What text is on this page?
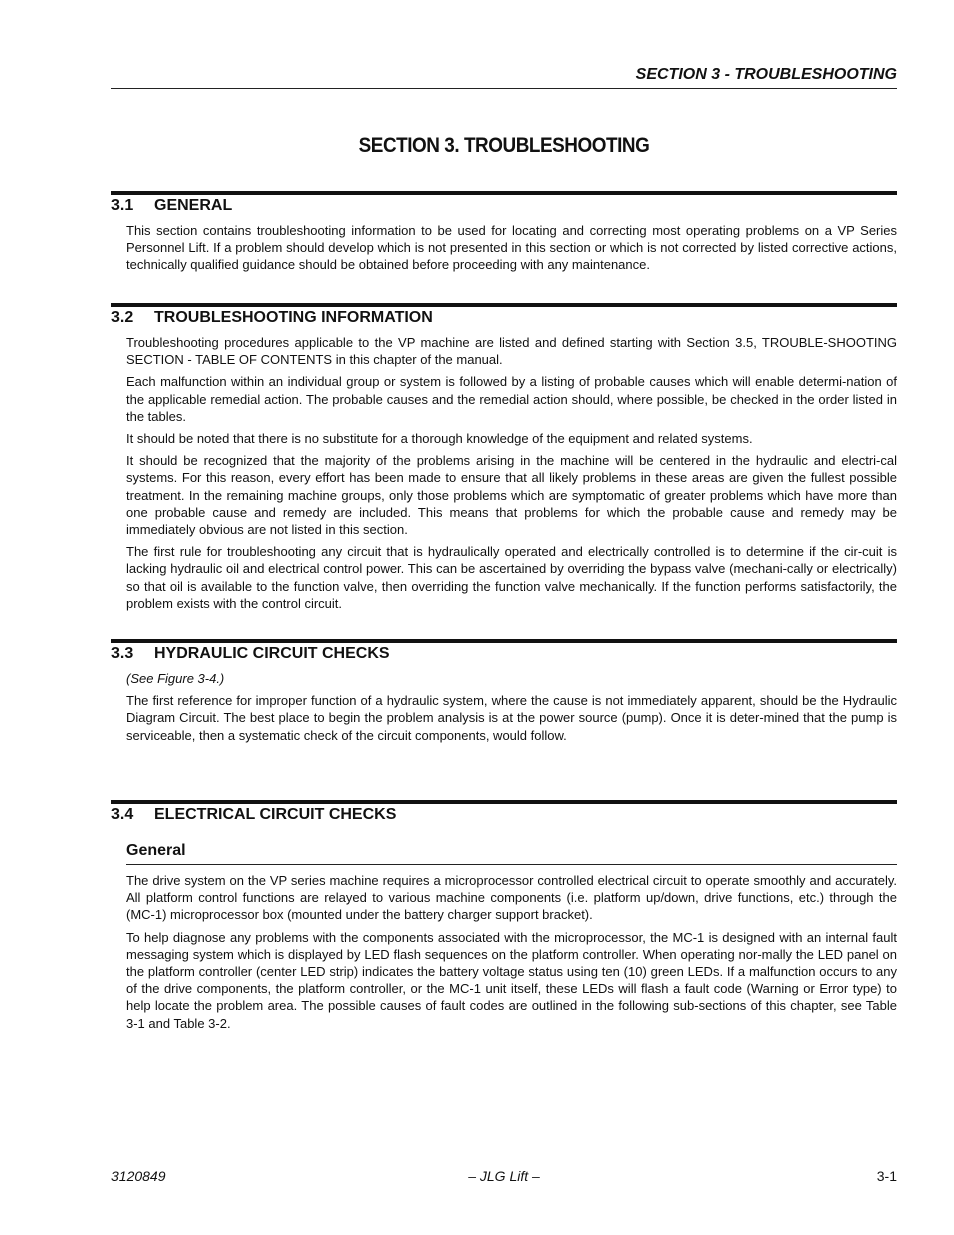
SECTION 3 - TROUBLESHOOTING
SECTION 3. TROUBLESHOOTING
3.1 GENERAL

This section contains troubleshooting information to be used for locating and correcting most operating problems on a VP Series Personnel Lift. If a problem should develop which is not presented in this section or which is not corrected by listed corrective actions, technically qualified guidance should be obtained before proceeding with any maintenance.

3.2 TROUBLESHOOTING INFORMATION

Troubleshooting procedures applicable to the VP machine are listed and defined starting with Section 3.5, TROUBLE-SHOOTING SECTION - TABLE OF CONTENTS in this chapter of the manual.

Each malfunction within an individual group or system is followed by a listing of probable causes which will enable determi-nation of the applicable remedial action. The probable causes and the remedial action should, where possible, be checked in the order listed in the tables.

It should be noted that there is no substitute for a thorough knowledge of the equipment and related systems.

It should be recognized that the majority of the problems arising in the machine will be centered in the hydraulic and electri-cal systems. For this reason, every effort has been made to ensure that all likely problems in these areas are given the fullest possible treatment. In the remaining machine groups, only those problems which are symptomatic of greater problems which have more than one probable cause and remedy are included. This means that problems for which the probable cause and remedy may be immediately obvious are not listed in this section.

The first rule for troubleshooting any circuit that is hydraulically operated and electrically controlled is to determine if the cir-cuit is lacking hydraulic oil and electrical control power. This can be ascertained by overriding the bypass valve (mechani-cally or electrically) so that oil is available to the function valve, then overriding the function valve mechanically. If the function performs satisfactorily, the problem exists with the control circuit.

3.3 HYDRAULIC CIRCUIT CHECKS

(See Figure 3-4.)

The first reference for improper function of a hydraulic system, where the cause is not immediately apparent, should be the Hydraulic Diagram Circuit. The best place to begin the problem analysis is at the power source (pump). Once it is deter-mined that the pump is serviceable, then a systematic check of the circuit components, would follow.

3.4 ELECTRICAL CIRCUIT CHECKS
General

The drive system on the VP series machine requires a microprocessor controlled electrical circuit to operate smoothly and accurately. All platform control functions are relayed to various machine components (i.e. platform up/down, drive functions, etc.) through the (MC-1) microprocessor box (mounted under the battery charger support bracket).

To help diagnose any problems with the components associated with the microprocessor, the MC-1 is designed with an internal fault messaging system which is displayed by LED flash sequences on the platform controller. When operating nor-mally the LED panel on the platform controller (center LED strip) indicates the battery voltage status using ten (10) green LEDs. If a malfunction occurs to any of the drive components, the platform controller, or the MC-1 unit itself, these LEDs will flash a fault code (Warning or Error type) to help locate the problem area. The possible causes of fault codes are outlined in the following sub-sections of this chapter, see Table 3-1 and Table 3-2.

3120849	– JLG Lift –	3-1
